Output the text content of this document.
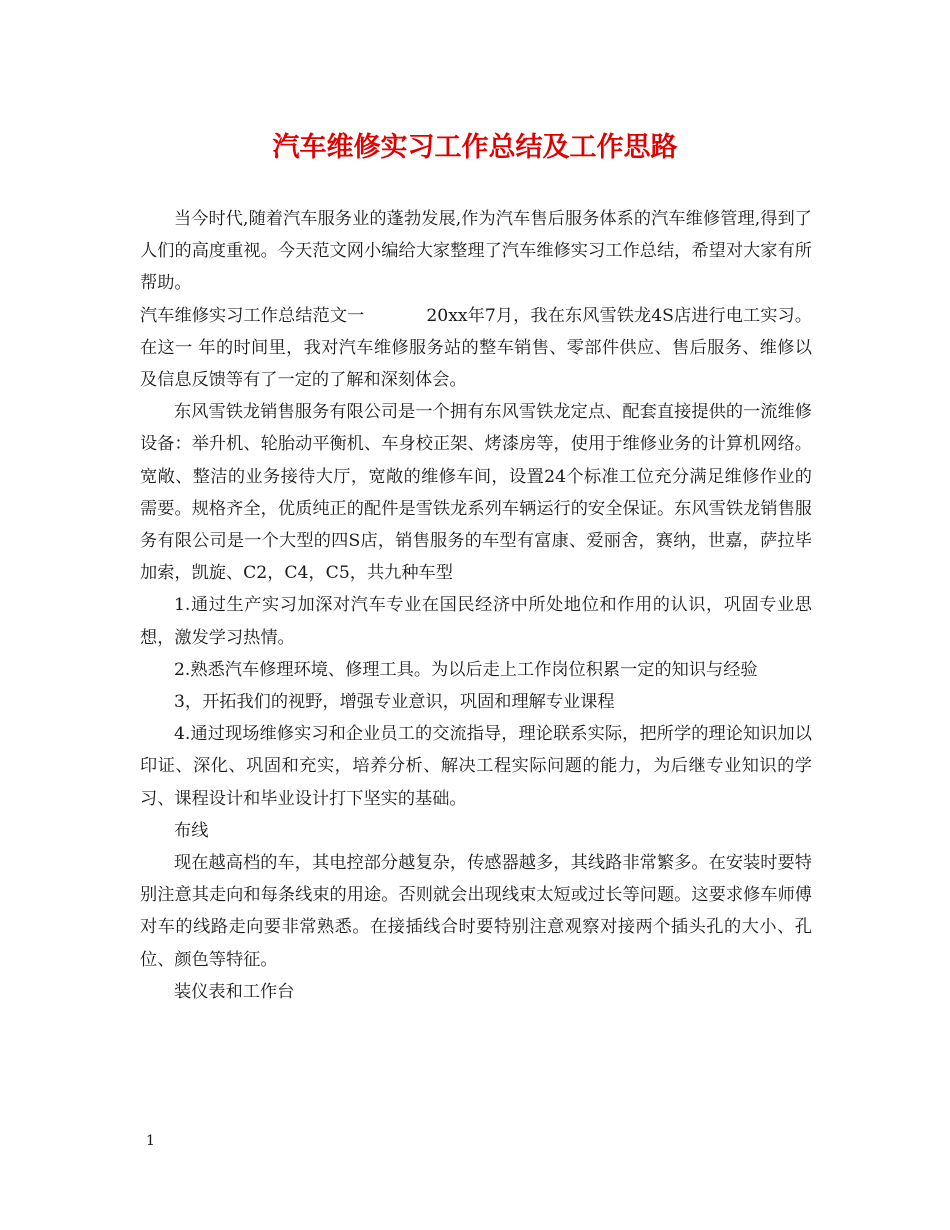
汽车维修实习工作总结及工作思路

当今时代,随着汽车服务业的蓬勃发展,作为汽车售后服务体系的汽车维修管理,得到了人们的高度重视。今天范文网小编给大家整理了汽车维修实习工作总结，希望对大家有所帮助。

汽车维修实习工作总结范文一	20xx年7月，我在东风雪铁龙4S店进行电工实习。在这一 年的时间里，我对汽车维修服务站的整车销售、零部件供应、售后服务、维修以及信息反馈等有了一定的了解和深刻体会。

东风雪铁龙销售服务有限公司是一个拥有东风雪铁龙定点、配套直接提供的一流维修设备：举升机、轮胎动平衡机、车身校正架、烤漆房等，使用于维修业务的计算机网络。宽敞、整洁的业务接待大厅，宽敞的维修车间，设置24个标准工位充分满足维修作业的需要。规格齐全，优质纯正的配件是雪铁龙系列车辆运行的安全保证。东风雪铁龙销售服务有限公司是一个大型的四S店，销售服务的车型有富康、爱丽舍，赛纳，世嘉，萨拉毕加索，凯旋、C2，C4，C5，共九种车型

1.通过生产实习加深对汽车专业在国民经济中所处地位和作用的认识，巩固专业思想，激发学习热情。

2.熟悉汽车修理环境、修理工具。为以后走上工作岗位积累一定的知识与经验

3，开拓我们的视野，增强专业意识，巩固和理解专业课程

4.通过现场维修实习和企业员工的交流指导，理论联系实际，把所学的理论知识加以印证、深化、巩固和充实，培养分析、解决工程实际问题的能力，为后继专业知识的学习、课程设计和毕业设计打下坚实的基础。

布线

现在越高档的车，其电控部分越复杂，传感器越多，其线路非常繁多。在安装时要特别注意其走向和每条线束的用途。否则就会出现线束太短或过长等问题。这要求修车师傅对车的线路走向要非常熟悉。在接插线合时要特别注意观察对接两个插头孔的大小、孔位、颜色等特征。

装仪表和工作台

1
